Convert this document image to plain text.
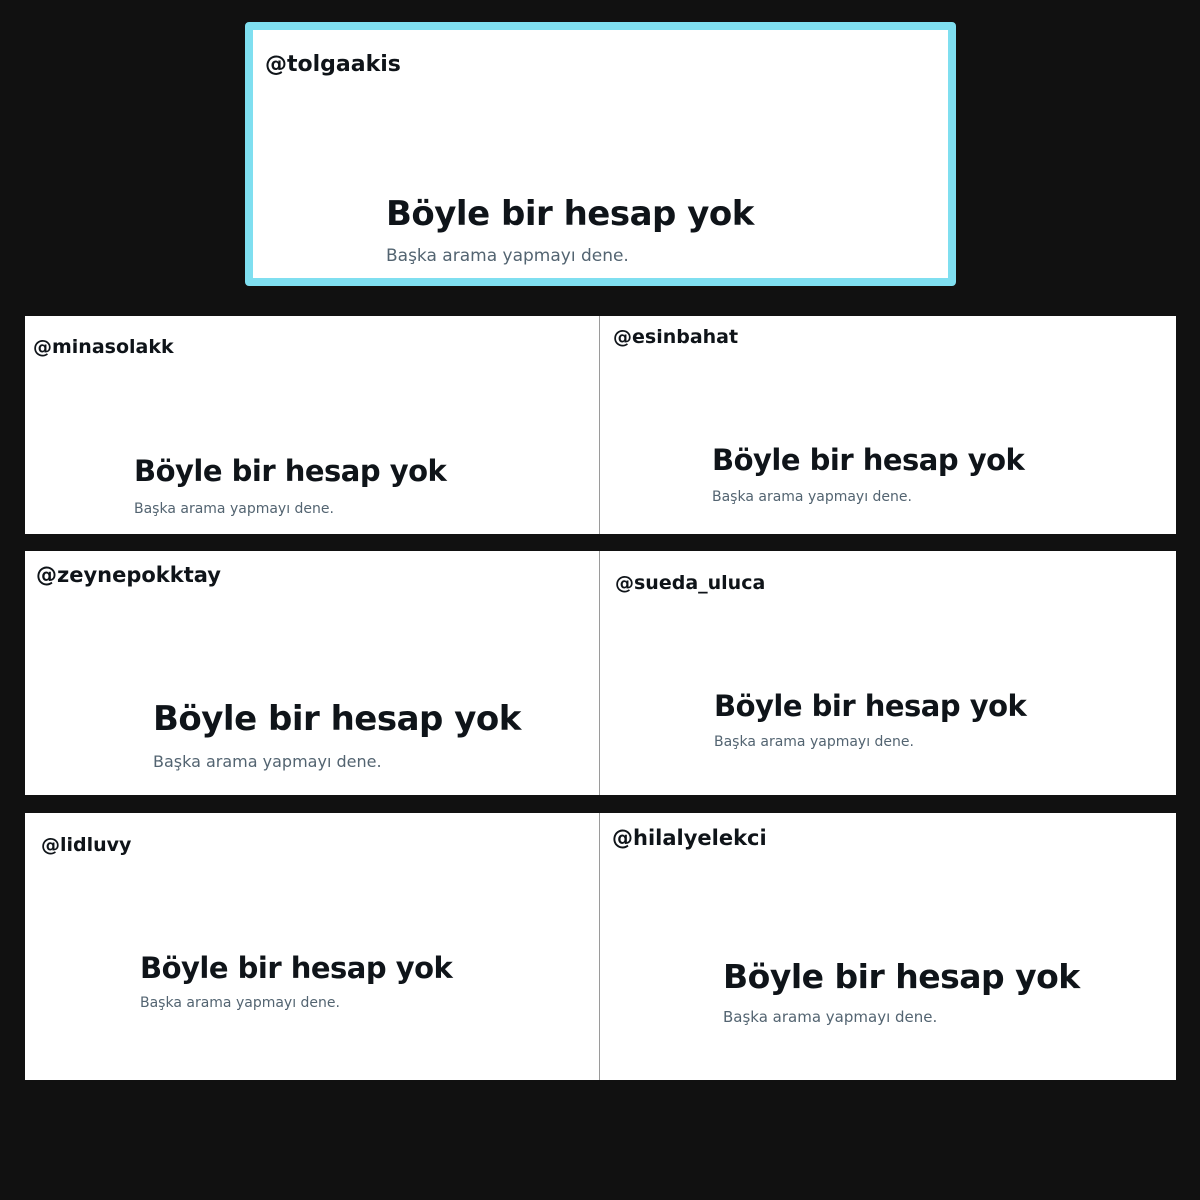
@tolgaakis
Böyle bir hesap yok
Başka arama yapmayı dene.
@minasolakk
Böyle bir hesap yok
Başka arama yapmayı dene.
@esinbahat
Böyle bir hesap yok
Başka arama yapmayı dene.
@zeynepokktay
Böyle bir hesap yok
Başka arama yapmayı dene.
@sueda_uluca
Böyle bir hesap yok
Başka arama yapmayı dene.
@lidluvy
Böyle bir hesap yok
Başka arama yapmayı dene.
@hilalyelekci
Böyle bir hesap yok
Başka arama yapmayı dene.
